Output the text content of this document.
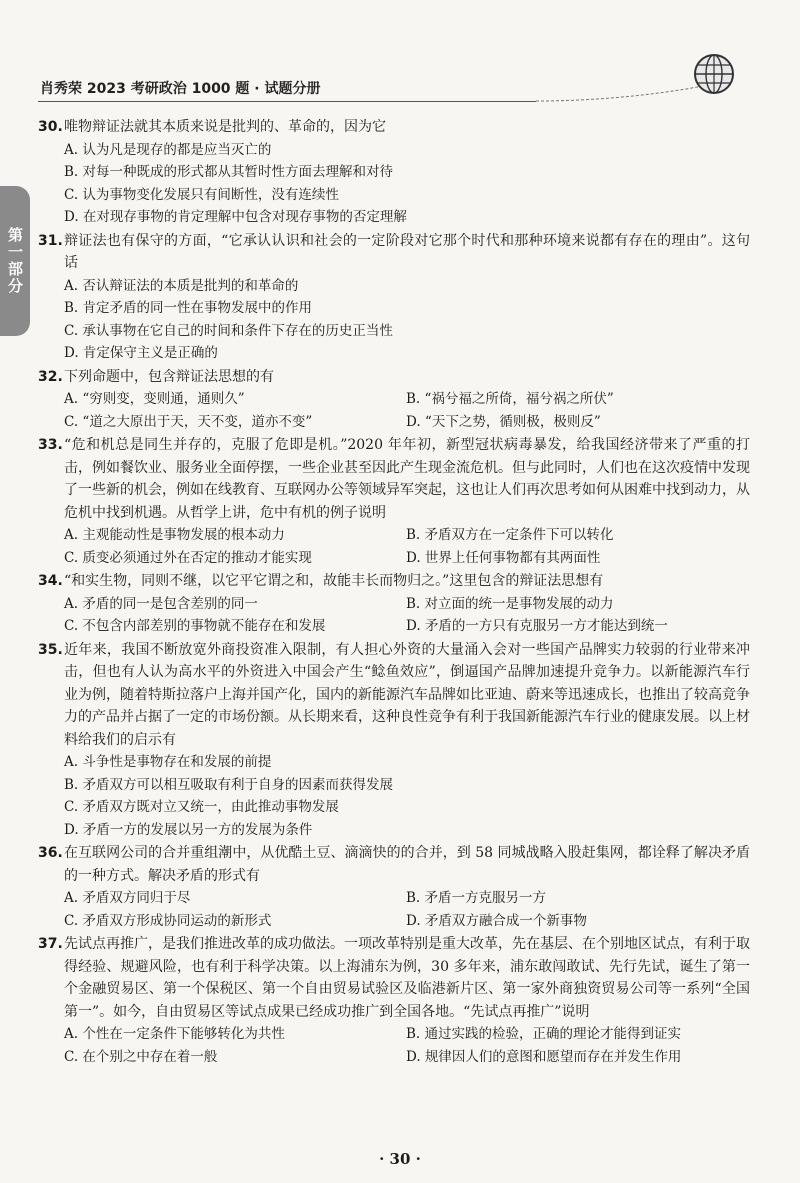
肖秀荣 2023 考研政治 1000 题 · 试题分册
第一部分
30. 唯物辩证法就其本质来说是批判的、革命的，因为它
A. 认为凡是现存的都是应当灭亡的
B. 对每一种既成的形式都从其暂时性方面去理解和对待
C. 认为事物变化发展只有间断性，没有连续性
D. 在对现存事物的肯定理解中包含对现存事物的否定理解
31. 辩证法也有保守的方面，“它承认认识和社会的一定阶段对它那个时代和那种环境来说都有存在的理由”。这句话
A. 否认辩证法的本质是批判的和革命的
B. 肯定矛盾的同一性在事物发展中的作用
C. 承认事物在它自己的时间和条件下存在的历史正当性
D. 肯定保守主义是正确的
32. 下列命题中，包含辩证法思想的有
A. “穷则变，变则通，通则久”	B. “祸兮福之所倚，福兮祸之所伏”
C. “道之大原出于天，天不变，道亦不变”	D. “天下之势，循则极，极则反”
33. “危和机总是同生并存的，克服了危即是机。”2020 年年初，新型冠状病毒暴发，给我国经济带来了严重的打击，例如餐饮业、服务业全面停摆，一些企业甚至因此产生现金流危机。但与此同时，人们也在这次疫情中发现了一些新的机会，例如在线教育、互联网办公等领域异军突起，这也让人们再次思考如何从困难中找到动力，从危机中找到机遇。从哲学上讲，危中有机的例子说明
A. 主观能动性是事物发展的根本动力	B. 矛盾双方在一定条件下可以转化
C. 质变必须通过外在否定的推动才能实现	D. 世界上任何事物都有其两面性
34. “和实生物，同则不继，以它平它谓之和，故能丰长而物归之。”这里包含的辩证法思想有
A. 矛盾的同一是包含差别的同一	B. 对立面的统一是事物发展的动力
C. 不包含内部差别的事物就不能存在和发展	D. 矛盾的一方只有克服另一方才能达到统一
35. 近年来，我国不断放宽外商投资准入限制，有人担心外资的大量涌入会对一些国产品牌实力较弱的行业带来冲击，但也有人认为高水平的外资进入中国会产生“鲶鱼效应”，倒逼国产品牌加速提升竞争力。以新能源汽车行业为例，随着特斯拉落户上海并国产化，国内的新能源汽车品牌如比亚迪、蔚来等迅速成长，也推出了较高竞争力的产品并占据了一定的市场份额。从长期来看，这种良性竞争有利于我国新能源汽车行业的健康发展。以上材料给我们的启示有
A. 斗争性是事物存在和发展的前提
B. 矛盾双方可以相互吸取有利于自身的因素而获得发展
C. 矛盾双方既对立又统一，由此推动事物发展
D. 矛盾一方的发展以另一方的发展为条件
36. 在互联网公司的合并重组潮中，从优酷土豆、滴滴快的的合并，到 58 同城战略入股赶集网，都诠释了解决矛盾的一种方式。解决矛盾的形式有
A. 矛盾双方同归于尽	B. 矛盾一方克服另一方
C. 矛盾双方形成协同运动的新形式	D. 矛盾双方融合成一个新事物
37. 先试点再推广，是我们推进改革的成功做法。一项改革特别是重大改革，先在基层、在个别地区试点，有利于取得经验、规避风险，也有利于科学决策。以上海浦东为例，30 多年来，浦东敢闯敢试、先行先试，诞生了第一个金融贸易区、第一个保税区、第一个自由贸易试验区及临港新片区、第一家外商独资贸易公司等一系列“全国第一”。如今，自由贸易区等试点成果已经成功推广到全国各地。“先试点再推广”说明
A. 个性在一定条件下能够转化为共性	B. 通过实践的检验，正确的理论才能得到证实
C. 在个别之中存在着一般	D. 规律因人们的意图和愿望而存在并发生作用
· 30 ·
